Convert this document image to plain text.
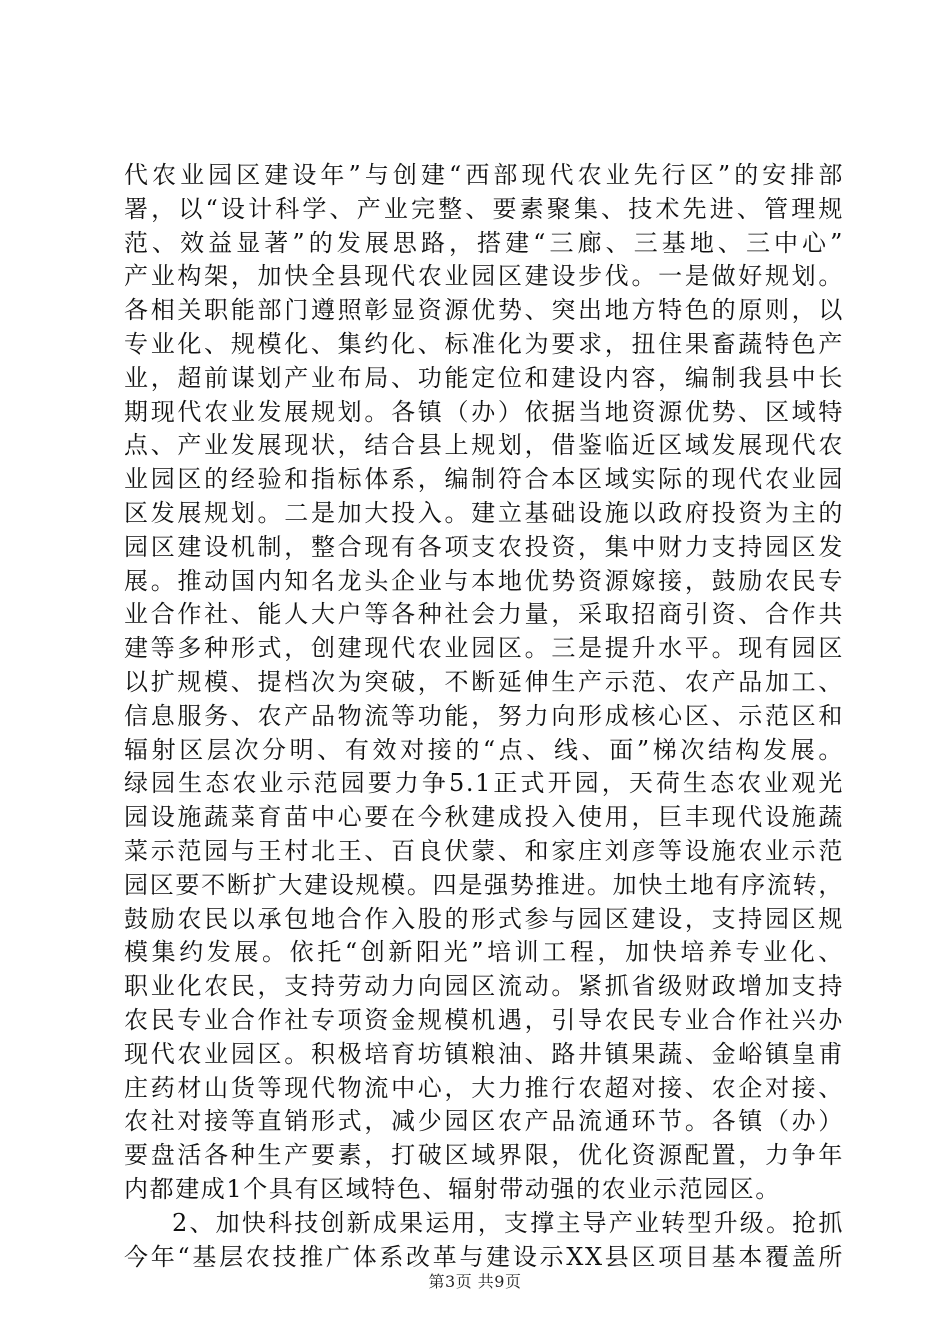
代农业园区建设年”与创建“西部现代农业先行区”的安排部
署，以“设计科学、产业完整、要素聚集、技术先进、管理规
范、效益显著”的发展思路，搭建“三廊、三基地、三中心”
产业构架，加快全县现代农业园区建设步伐。一是做好规划。
各相关职能部门遵照彰显资源优势、突出地方特色的原则，以
专业化、规模化、集约化、标准化为要求，扭住果畜蔬特色产
业，超前谋划产业布局、功能定位和建设内容，编制我县中长
期现代农业发展规划。各镇（办）依据当地资源优势、区域特
点、产业发展现状，结合县上规划，借鉴临近区域发展现代农
业园区的经验和指标体系，编制符合本区域实际的现代农业园
区发展规划。二是加大投入。建立基础设施以政府投资为主的
园区建设机制，整合现有各项支农投资，集中财力支持园区发
展。推动国内知名龙头企业与本地优势资源嫁接，鼓励农民专
业合作社、能人大户等各种社会力量，采取招商引资、合作共
建等多种形式，创建现代农业园区。三是提升水平。现有园区
以扩规模、提档次为突破，不断延伸生产示范、农产品加工、
信息服务、农产品物流等功能，努力向形成核心区、示范区和
辐射区层次分明、有效对接的“点、线、面”梯次结构发展。
绿园生态农业示范园要力争5.1正式开园，天荷生态农业观光
园设施蔬菜育苗中心要在今秋建成投入使用，巨丰现代设施蔬
菜示范园与王村北王、百良伏蒙、和家庄刘彦等设施农业示范
园区要不断扩大建设规模。四是强势推进。加快土地有序流转，
鼓励农民以承包地合作入股的形式参与园区建设，支持园区规
模集约发展。依托“创新阳光”培训工程，加快培养专业化、
职业化农民，支持劳动力向园区流动。紧抓省级财政增加支持
农民专业合作社专项资金规模机遇，引导农民专业合作社兴办
现代农业园区。积极培育坊镇粮油、路井镇果蔬、金峪镇皇甫
庄药材山货等现代物流中心，大力推行农超对接、农企对接、
农社对接等直销形式，减少园区农产品流通环节。各镇（办）
要盘活各种生产要素，打破区域界限，优化资源配置，力争年
内都建成1个具有区域特色、辐射带动强的农业示范园区。
2、加快科技创新成果运用，支撑主导产业转型升级。抢抓
今年“基层农技推广体系改革与建设示XX县区项目基本覆盖所
第3页 共9页
